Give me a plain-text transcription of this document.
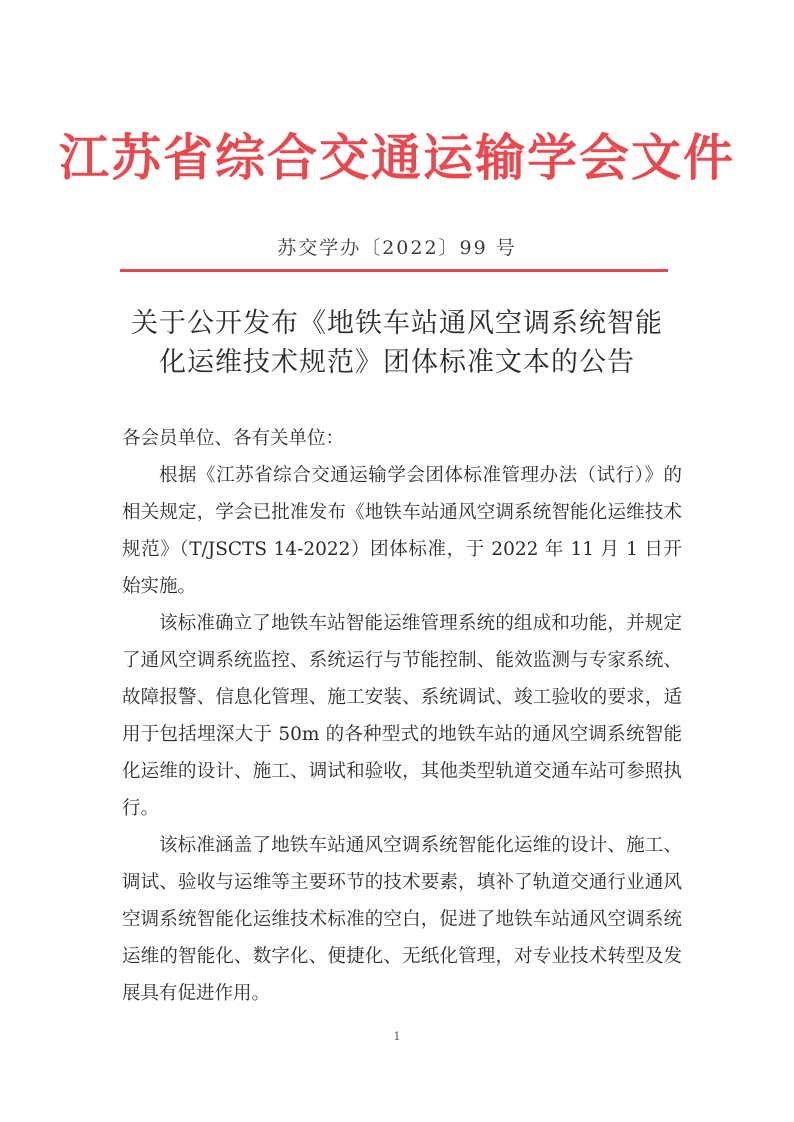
江苏省综合交通运输学会文件
苏交学办〔2022〕99 号
关于公开发布《地铁车站通风空调系统智能
化运维技术规范》团体标准文本的公告

各会员单位、各有关单位：

根据《江苏省综合交通运输学会团体标准管理办法（试行）》的相关规定，学会已批准发布《地铁车站通风空调系统智能化运维技术规范》（T/JSCTS 14-2022）团体标准，于 2022 年 11 月 1 日开始实施。

该标准确立了地铁车站智能运维管理系统的组成和功能，并规定了通风空调系统监控、系统运行与节能控制、能效监测与专家系统、故障报警、信息化管理、施工安装、系统调试、竣工验收的要求，适用于包括埋深大于 50m 的各种型式的地铁车站的通风空调系统智能化运维的设计、施工、调试和验收，其他类型轨道交通车站可参照执行。

该标准涵盖了地铁车站通风空调系统智能化运维的设计、施工、调试、验收与运维等主要环节的技术要素，填补了轨道交通行业通风空调系统智能化运维技术标准的空白，促进了地铁车站通风空调系统运维的智能化、数字化、便捷化、无纸化管理，对专业技术转型及发展具有促进作用。

1
